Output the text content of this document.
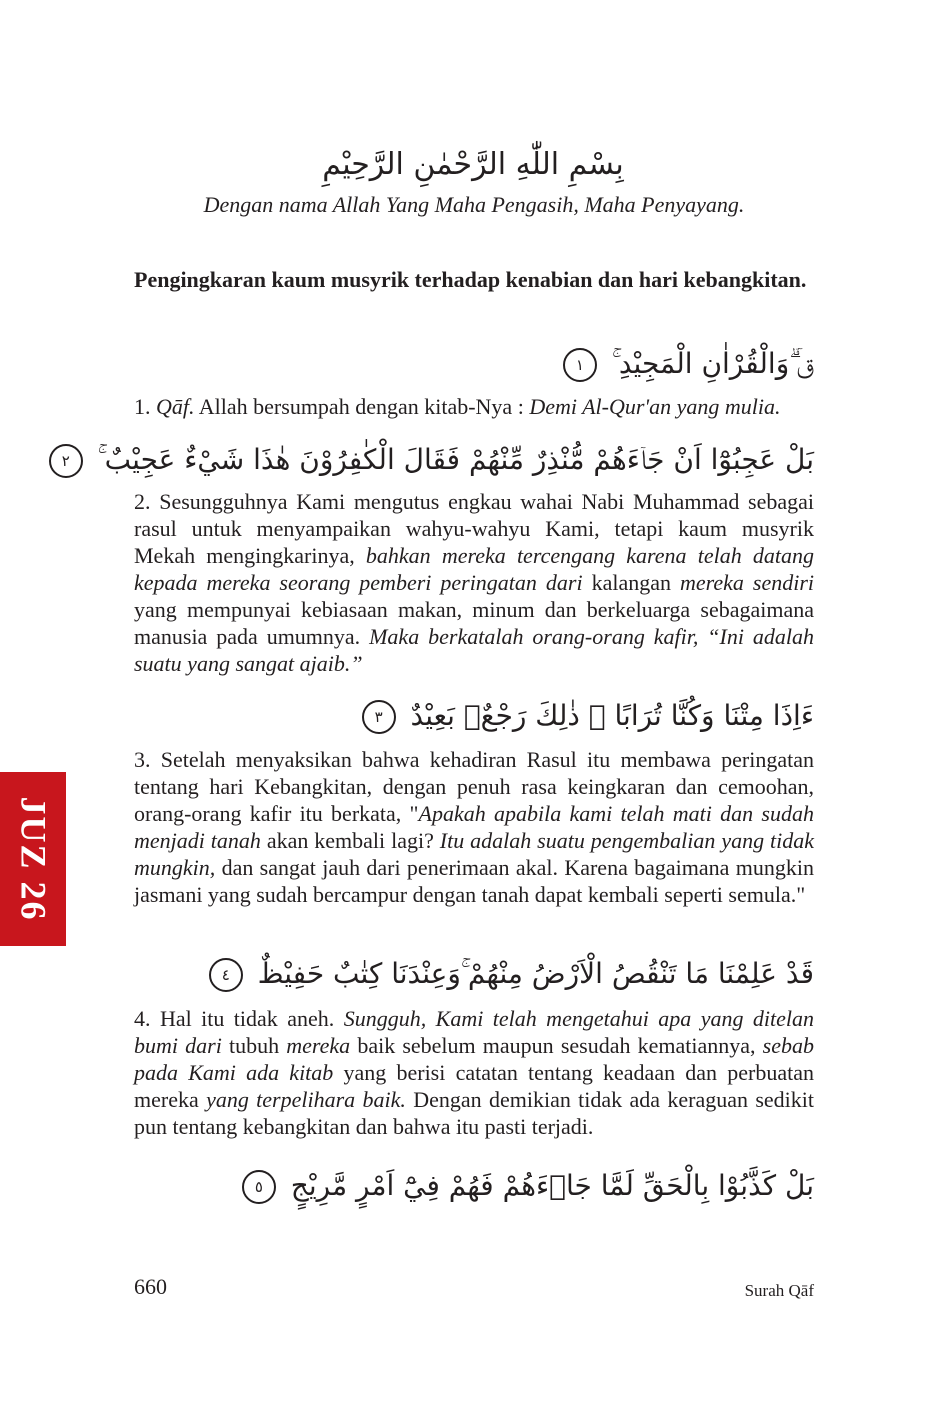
بِسْمِ اللّٰهِ الرَّحْمٰنِ الرَّحِيْمِ
Dengan nama Allah Yang Maha Pengasih, Maha Penyayang.
Pengingkaran kaum musyrik terhadap kenabian dan hari kebangkitan.
قۤ ۗوَالْقُرْاٰنِ الْمَجِيْدِ ۚ ١
1. Qāf. Allah bersumpah dengan kitab-Nya : Demi Al-Qur'an yang mulia.
بَلْ عَجِبُوْٓا اَنْ جَاۤءَهُمْ مُّنْذِرٌ مِّنْهُمْ فَقَالَ الْكٰفِرُوْنَ هٰذَا شَيْءٌ عَجِيْبٌ ۚ ٢
2. Sesungguhnya Kami mengutus engkau wahai Nabi Muhammad sebagai rasul untuk menyampaikan wahyu-wahyu Kami, tetapi kaum musyrik Mekah mengingkarinya, bahkan mereka tercengang karena telah datang kepada mereka seorang pemberi peringatan dari kalangan mereka sendiri yang mempunyai kebiasaan makan, minum dan berkeluarga sebagaimana manusia pada umumnya. Maka berkatalah orang-orang kafir, “Ini adalah suatu yang sangat ajaib.”
ءَاِذَا مِتْنَا وَكُنَّا تُرَابًا ۚ ذٰلِكَ رَجْعٌۢ بَعِيْدٌ ٣
3. Setelah menyaksikan bahwa kehadiran Rasul itu membawa peringatan tentang hari Kebangkitan, dengan penuh rasa keingkaran dan cemoohan, orang-orang kafir itu berkata, "Apakah apabila kami telah mati dan sudah menjadi tanah akan kembali lagi? Itu adalah suatu pengembalian yang tidak mungkin, dan sangat jauh dari penerimaan akal. Karena bagaimana mungkin jasmani yang sudah bercampur dengan tanah dapat kembali seperti semula."
قَدْ عَلِمْنَا مَا تَنْقُصُ الْاَرْضُ مِنْهُمْ ۚوَعِنْدَنَا كِتٰبٌ حَفِيْظٌ ٤
4. Hal itu tidak aneh. Sungguh, Kami telah mengetahui apa yang ditelan bumi dari tubuh mereka baik sebelum maupun sesudah kematiannya, sebab pada Kami ada kitab yang berisi catatan tentang keadaan dan perbuatan mereka yang terpelihara baik. Dengan demikian tidak ada keraguan sedikit pun tentang kebangkitan dan bahwa itu pasti terjadi.
بَلْ كَذَّبُوْا بِالْحَقِّ لَمَّا جَاۤءَهُمْ فَهُمْ فِيْٓ اَمْرٍ مَّرِيْجٍ ٥
JUZ 26
660	Surah Qāf
